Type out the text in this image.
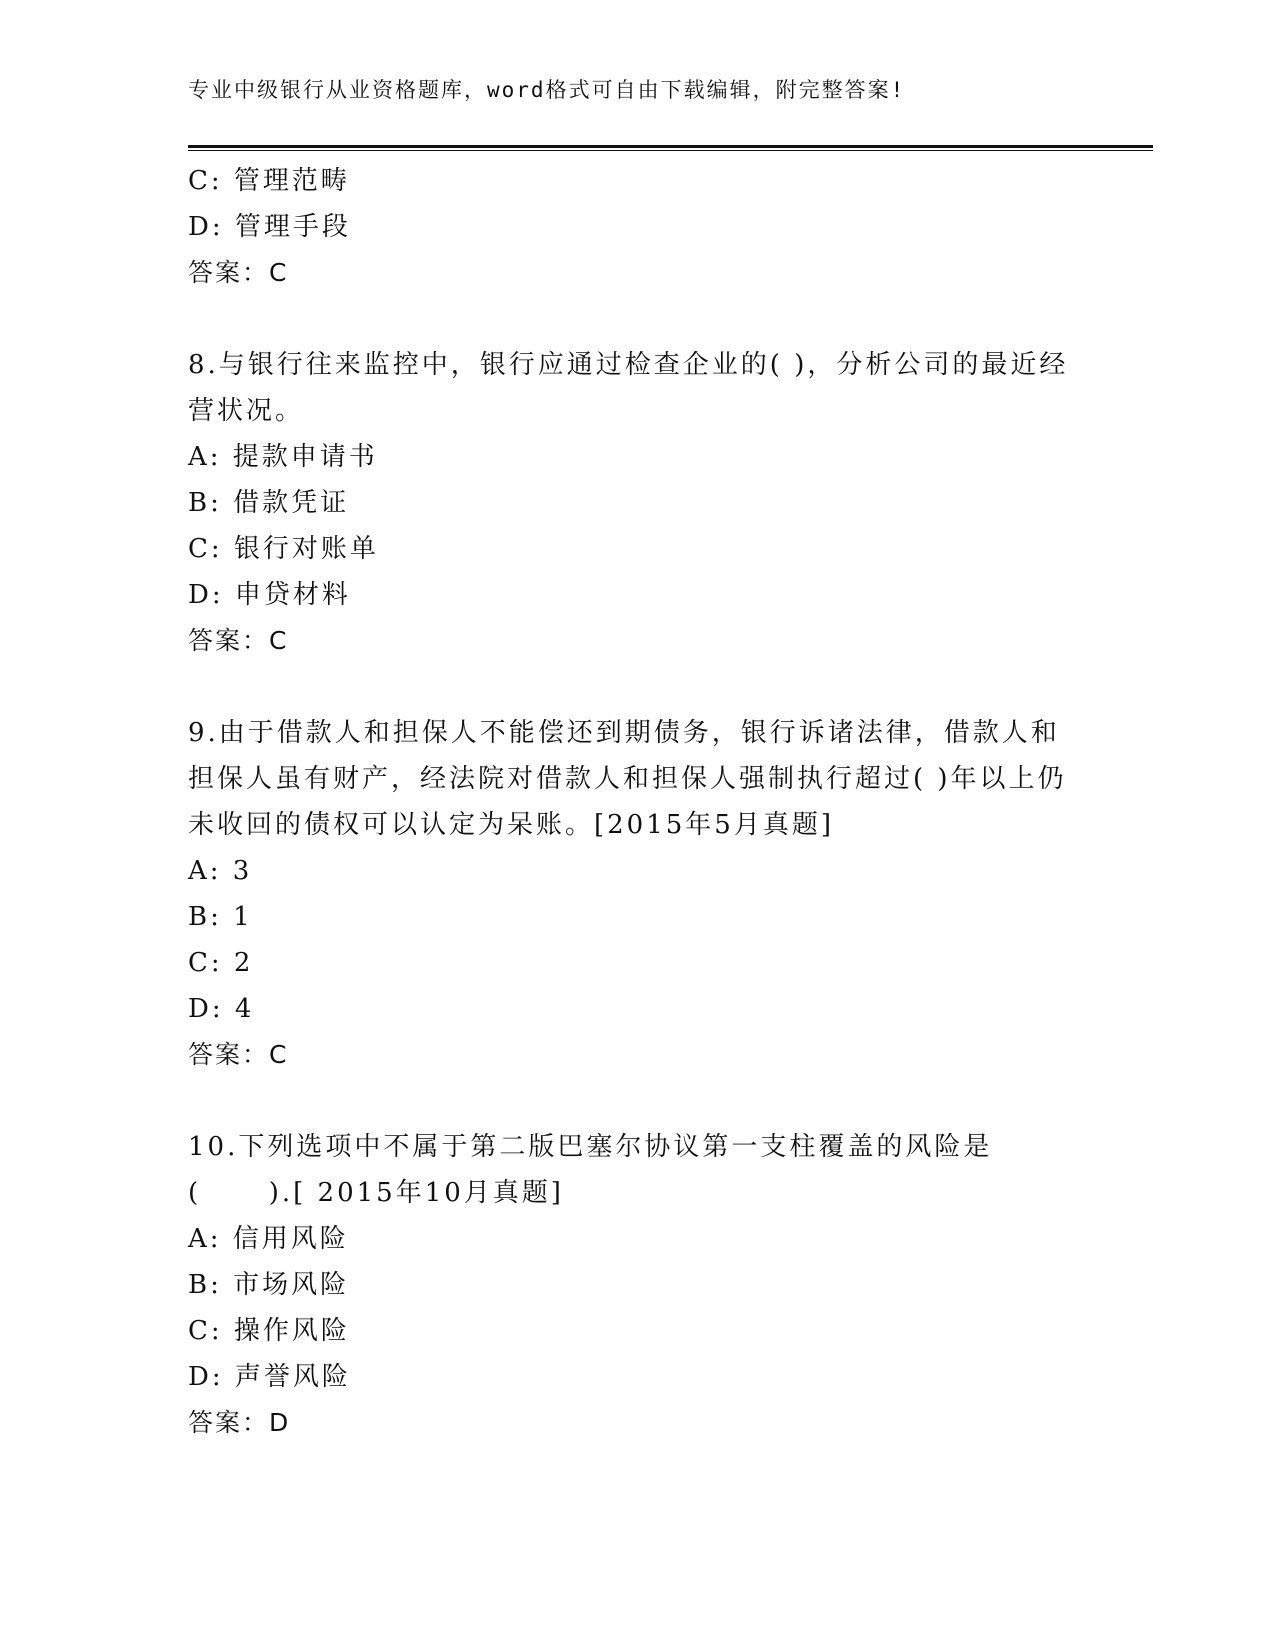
专业中级银行从业资格题库，word格式可自由下载编辑，附完整答案!
C: 管理范畴
D: 管理手段
答案：C
8.与银行往来监控中，银行应通过检查企业的( )，分析公司的最近经
营状况。
A: 提款申请书
B: 借款凭证
C: 银行对账单
D: 申贷材料
答案：C
9.由于借款人和担保人不能偿还到期债务，银行诉诸法律，借款人和
担保人虽有财产，经法院对借款人和担保人强制执行超过( )年以上仍
未收回的债权可以认定为呆账。[2015年5月真题]
A: 3
B: 1
C: 2
D: 4
答案：C
10.下列选项中不属于第二版巴塞尔协议第一支柱覆盖的风险是
(      ).[ 2015年10月真题]
A: 信用风险
B: 市场风险
C: 操作风险
D: 声誉风险
答案：D
